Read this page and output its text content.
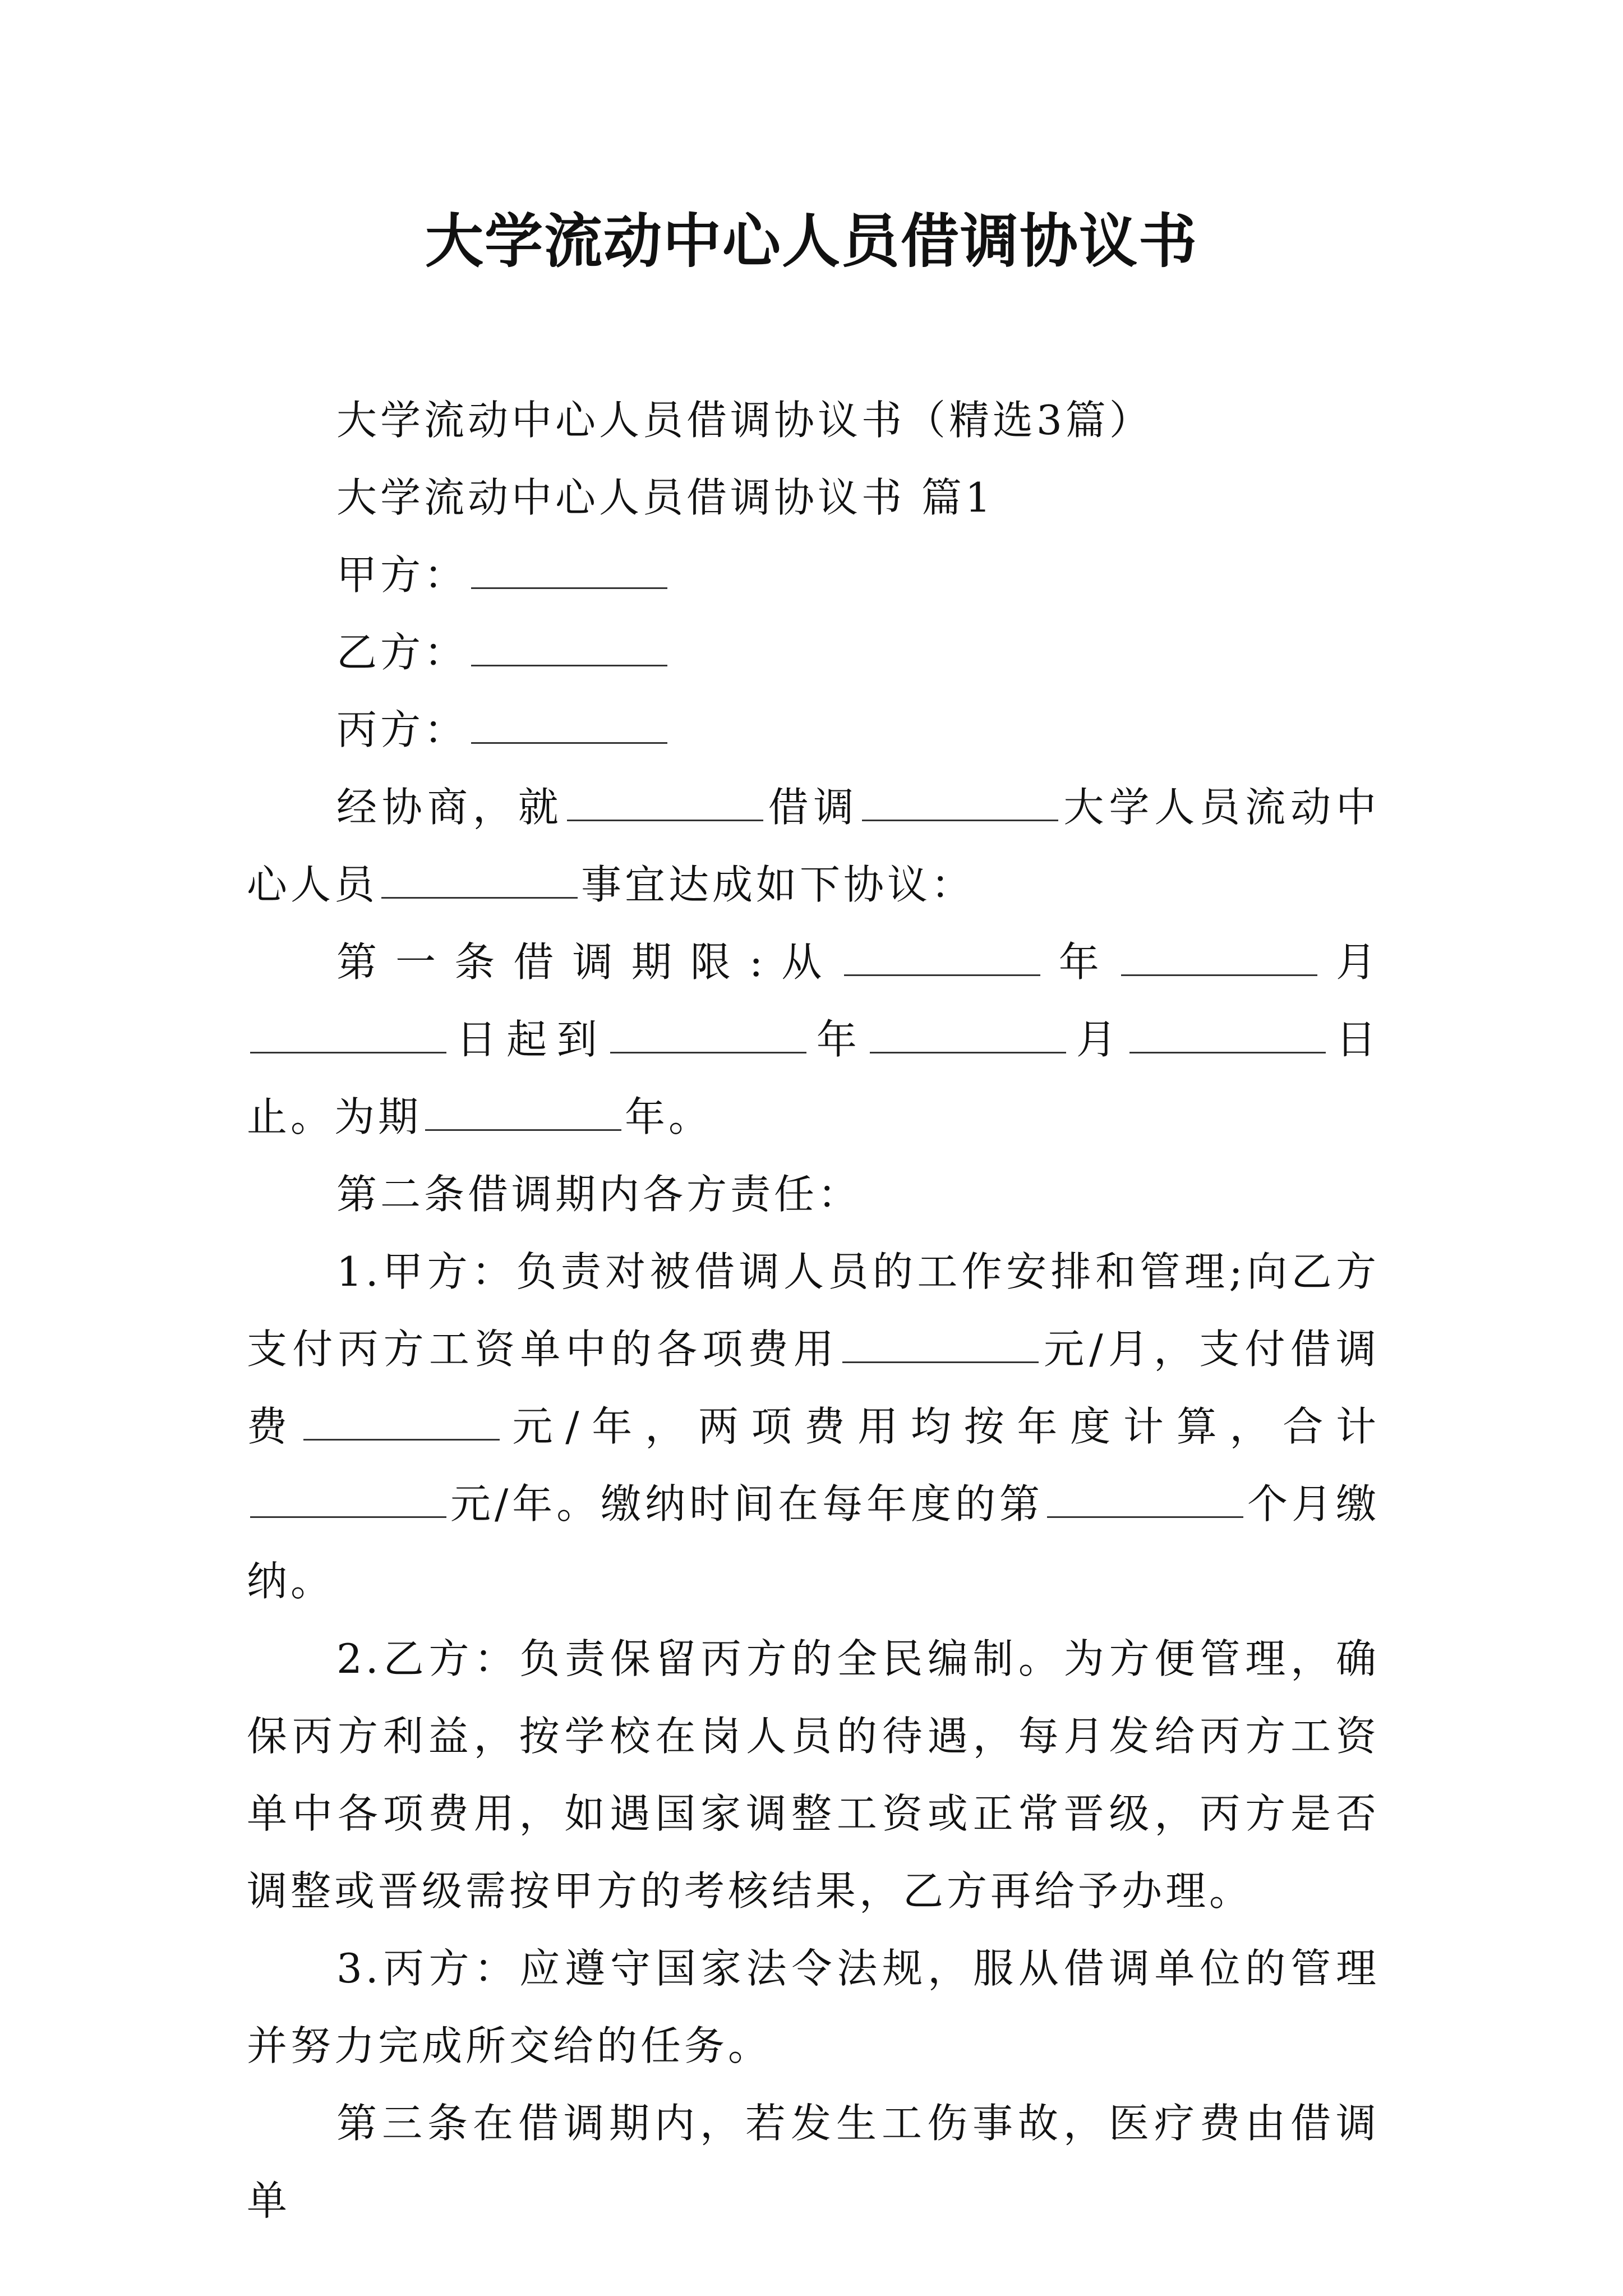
大学流动中心人员借调协议书

大学流动中心人员借调协议书（精选3篇）

大学流动中心人员借调协议书 篇1

甲方：

乙方：

丙方：

经协商，就	借调	大学人员流动中心人员	事宜达成如下协议：

第一条借调期限:从	年	月日起到	年	月	日止。为期	年。

第二条借调期内各方责任：

1.甲方：负责对被借调人员的工作安排和管理;向乙方支付丙方工资单中的各项费用	元/月，支付借调费	元/年，两项费用均按年度计算，合计元/年。缴纳时间在每年度的第	个月缴纳。

2.乙方：负责保留丙方的全民编制。为方便管理，确保丙方利益，按学校在岗人员的待遇，每月发给丙方工资单中各项费用，如遇国家调整工资或正常晋级，丙方是否调整或晋级需按甲方的考核结果，乙方再给予办理。

3.丙方：应遵守国家法令法规，服从借调单位的管理并努力完成所交给的任务。

第三条在借调期内，若发生工伤事故，医疗费由借调单
